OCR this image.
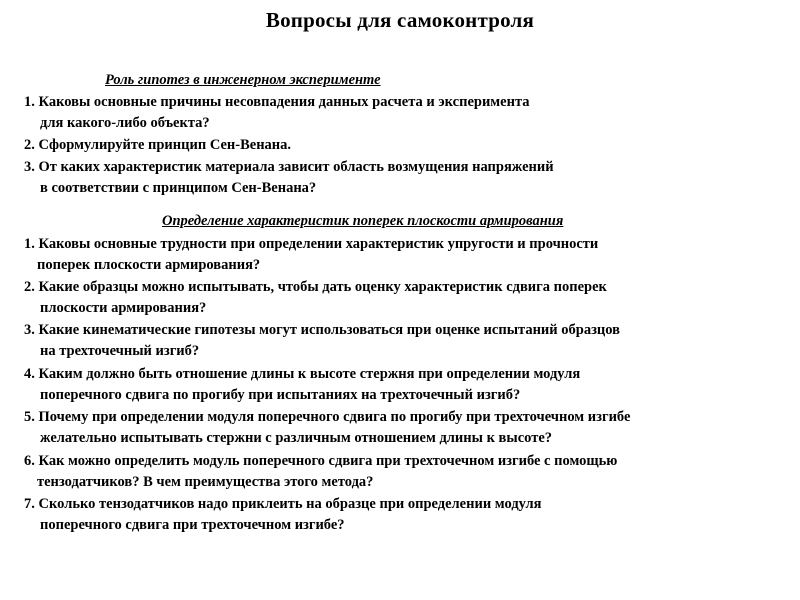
Вопросы для самоконтроля
Роль гипотез в инженерном эксперименте
1. Каковы основные причины несовпадения данных расчета и эксперимента
для какого-либо объекта?
2. Сформулируйте принцип Сен-Венана.
3. От каких характеристик материала зависит область возмущения напряжений
в соответствии с принципом Сен-Венана?
Определение характеристик поперек плоскости армирования
1. Каковы основные трудности при определении характеристик упругости и прочности
поперек плоскости армирования?
2. Какие образцы можно испытывать, чтобы дать оценку характеристик сдвига поперек
плоскости армирования?
3. Какие кинематические гипотезы могут использоваться при оценке испытаний образцов
на трехточечный изгиб?
4. Каким должно быть отношение длины к высоте стержня при определении модуля
поперечного сдвига по прогибу при испытаниях на трехточечный изгиб?
5. Почему при определении модуля поперечного сдвига по прогибу при трехточечном изгибе
желательно испытывать стержни с различным отношением длины к высоте?
6. Как можно определить модуль поперечного сдвига при трехточечном изгибе с помощью
тензодатчиков? В чем преимущества этого метода?
7. Сколько тензодатчиков надо приклеить на образце при определении модуля
поперечного сдвига при трехточечном изгибе?
